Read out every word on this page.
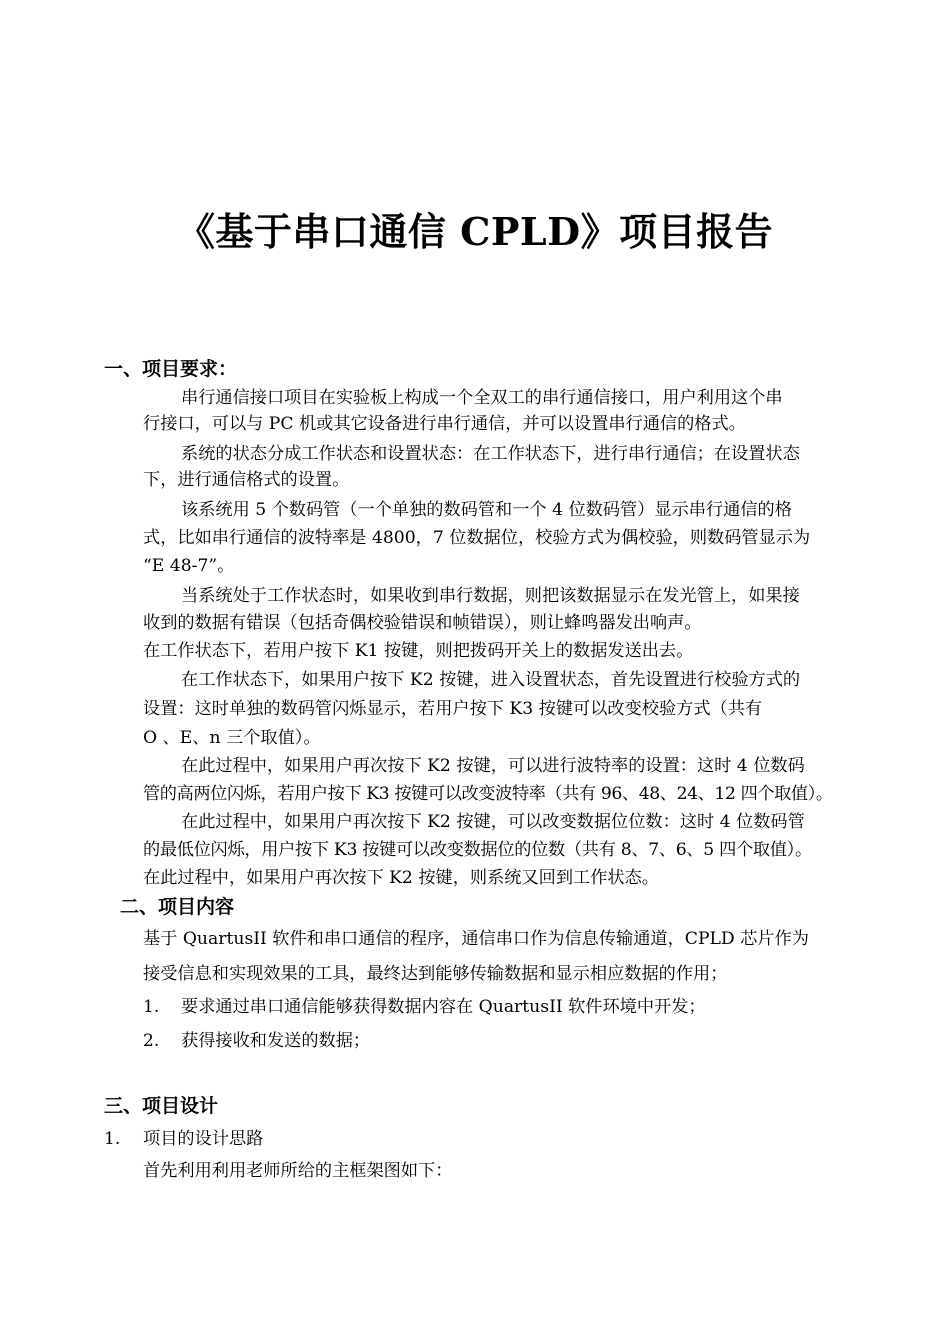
《基于串口通信 CPLD》项目报告
一、项目要求：
串行通信接口项目在实验板上构成一个全双工的串行通信接口，用户利用这个串
行接口，可以与 PC 机或其它设备进行串行通信，并可以设置串行通信的格式。
系统的状态分成工作状态和设置状态：在工作状态下，进行串行通信；在设置状态
下，进行通信格式的设置。
该系统用 5 个数码管（一个单独的数码管和一个 4 位数码管）显示串行通信的格
式，比如串行通信的波特率是 4800，7 位数据位，校验方式为偶校验，则数码管显示为
“E 48-7”。
当系统处于工作状态时，如果收到串行数据，则把该数据显示在发光管上，如果接
收到的数据有错误（包括奇偶校验错误和帧错误），则让蜂鸣器发出响声。
在工作状态下，若用户按下 K1 按键，则把拨码开关上的数据发送出去。
在工作状态下，如果用户按下 K2 按键，进入设置状态，首先设置进行校验方式的
设置：这时单独的数码管闪烁显示，若用户按下 K3 按键可以改变校验方式（共有
O 、E、n 三个取值）。
在此过程中，如果用户再次按下 K2 按键，可以进行波特率的设置：这时 4 位数码
管的高两位闪烁，若用户按下 K3 按键可以改变波特率（共有 96、48、24、12 四个取值）。
在此过程中，如果用户再次按下 K2 按键，可以改变数据位位数：这时 4 位数码管
的最低位闪烁，用户按下 K3 按键可以改变数据位的位数（共有 8、7、6、5 四个取值）。
在此过程中，如果用户再次按下 K2 按键，则系统又回到工作状态。
二、项目内容
基于 QuartusII 软件和串口通信的程序，通信串口作为信息传输通道，CPLD 芯片作为
接受信息和实现效果的工具，最终达到能够传输数据和显示相应数据的作用；
1. 要求通过串口通信能够获得数据内容在 QuartusII 软件环境中开发；
2. 获得接收和发送的数据；
三、项目设计
1. 项目的设计思路
首先利用利用老师所给的主框架图如下：
